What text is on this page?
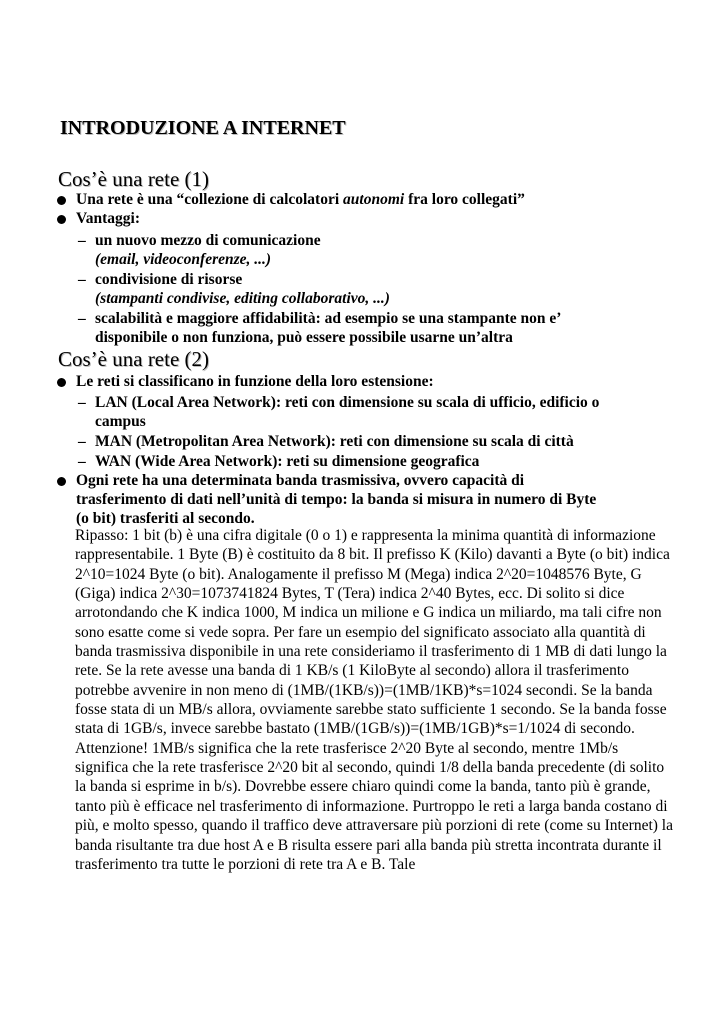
INTRODUZIONE A INTERNET
Cos’è una rete (1)
Una rete è una “collezione di calcolatori autonomi fra loro collegati”
Vantaggi:
– un nuovo mezzo di comunicazione
(email, videoconferenze, ...)
– condivisione di risorse
(stampanti condivise, editing collaborativo, ...)
– scalabilità e maggiore affidabilità: ad esempio se una stampante non e’
disponibile o non funziona, può essere possibile usarne un’altra
Cos’è una rete (2)
Le reti si classificano in funzione della loro estensione:
– LAN (Local Area Network): reti con dimensione su scala di ufficio, edificio o
campus
– MAN (Metropolitan Area Network): reti con dimensione su scala di città
– WAN (Wide Area Network): reti su dimensione geografica
Ogni rete ha una determinata banda trasmissiva, ovvero capacità di
trasferimento di dati nell’unità di tempo: la banda si misura in numero di Byte
(o bit) trasferiti al secondo.

Ripasso: 1 bit (b) è una cifra digitale (0 o 1) e rappresenta la minima quantità di informazione rappresentabile. 1 Byte (B) è costituito da 8 bit. Il prefisso K (Kilo) davanti a Byte (o bit) indica 2^10=1024 Byte (o bit). Analogamente il prefisso M (Mega) indica 2^20=1048576 Byte, G (Giga) indica 2^30=1073741824 Bytes, T (Tera) indica 2^40 Bytes, ecc. Di solito si dice arrotondando che K indica 1000, M indica un milione e G indica un miliardo, ma tali cifre non sono esatte come si vede sopra. Per fare un esempio del significato associato alla quantità di banda trasmissiva disponibile in una rete consideriamo il trasferimento di 1 MB di dati lungo la rete. Se la rete avesse una banda di 1 KB/s (1 KiloByte al secondo) allora il trasferimento potrebbe avvenire in non meno di (1MB/(1KB/s))=(1MB/1KB)*s=1024 secondi. Se la banda fosse stata di un MB/s allora, ovviamente sarebbe stato sufficiente 1 secondo. Se la banda fosse stata di 1GB/s, invece sarebbe bastato (1MB/(1GB/s))=(1MB/1GB)*s=1/1024 di secondo. Attenzione! 1MB/s significa che la rete trasferisce 2^20 Byte al secondo, mentre 1Mb/s significa che la rete trasferisce 2^20 bit al secondo, quindi 1/8 della banda precedente (di solito la banda si esprime in b/s). Dovrebbe essere chiaro quindi come la banda, tanto più è grande, tanto più è efficace nel trasferimento di informazione. Purtroppo le reti a larga banda costano di più, e molto spesso, quando il traffico deve attraversare più porzioni di rete (come su Internet) la banda risultante tra due host A e B risulta essere pari alla banda più stretta incontrata durante il trasferimento tra tutte le porzioni di rete tra A e B. Tale
